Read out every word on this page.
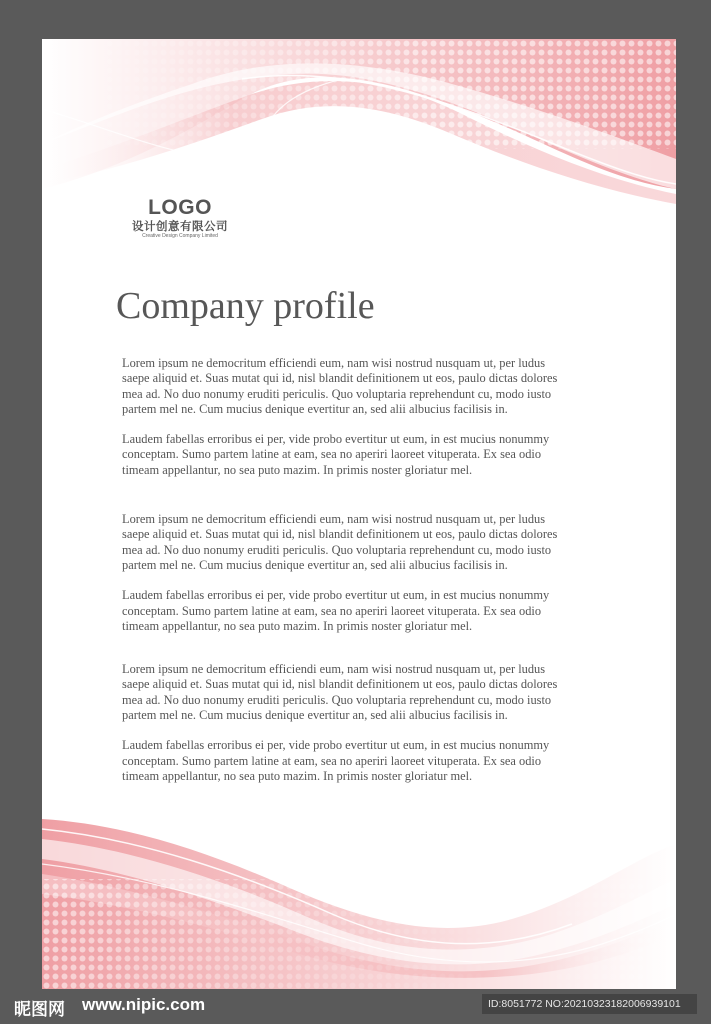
LOGO
设计创意有限公司
Creative Design Company Limited
Company profile

Lorem ipsum ne democritum efficiendi eum, nam wisi nostrud nusquam ut, per ludus
saepe aliquid et. Suas mutat qui id, nisl blandit definitionem ut eos, paulo dictas dolores
mea ad. No duo nonumy eruditi periculis. Quo voluptaria reprehendunt cu, modo iusto
partem mel ne. Cum mucius denique evertitur an, sed alii albucius facilisis in.

Laudem fabellas erroribus ei per, vide probo evertitur ut eum, in est mucius nonummy
conceptam. Sumo partem latine at eam, sea no aperiri laoreet vituperata. Ex sea odio
timeam appellantur, no sea puto mazim. In primis noster gloriatur mel.

Lorem ipsum ne democritum efficiendi eum, nam wisi nostrud nusquam ut, per ludus
saepe aliquid et. Suas mutat qui id, nisl blandit definitionem ut eos, paulo dictas dolores
mea ad. No duo nonumy eruditi periculis. Quo voluptaria reprehendunt cu, modo iusto
partem mel ne. Cum mucius denique evertitur an, sed alii albucius facilisis in.

Laudem fabellas erroribus ei per, vide probo evertitur ut eum, in est mucius nonummy
conceptam. Sumo partem latine at eam, sea no aperiri laoreet vituperata. Ex sea odio
timeam appellantur, no sea puto mazim. In primis noster gloriatur mel.

Lorem ipsum ne democritum efficiendi eum, nam wisi nostrud nusquam ut, per ludus
saepe aliquid et. Suas mutat qui id, nisl blandit definitionem ut eos, paulo dictas dolores
mea ad. No duo nonumy eruditi periculis. Quo voluptaria reprehendunt cu, modo iusto
partem mel ne. Cum mucius denique evertitur an, sed alii albucius facilisis in.

Laudem fabellas erroribus ei per, vide probo evertitur ut eum, in est mucius nonummy
conceptam. Sumo partem latine at eam, sea no aperiri laoreet vituperata. Ex sea odio
timeam appellantur, no sea puto mazim. In primis noster gloriatur mel.

昵图网 www.nipic.com	ID:8051772 NO:20210323182006939101
